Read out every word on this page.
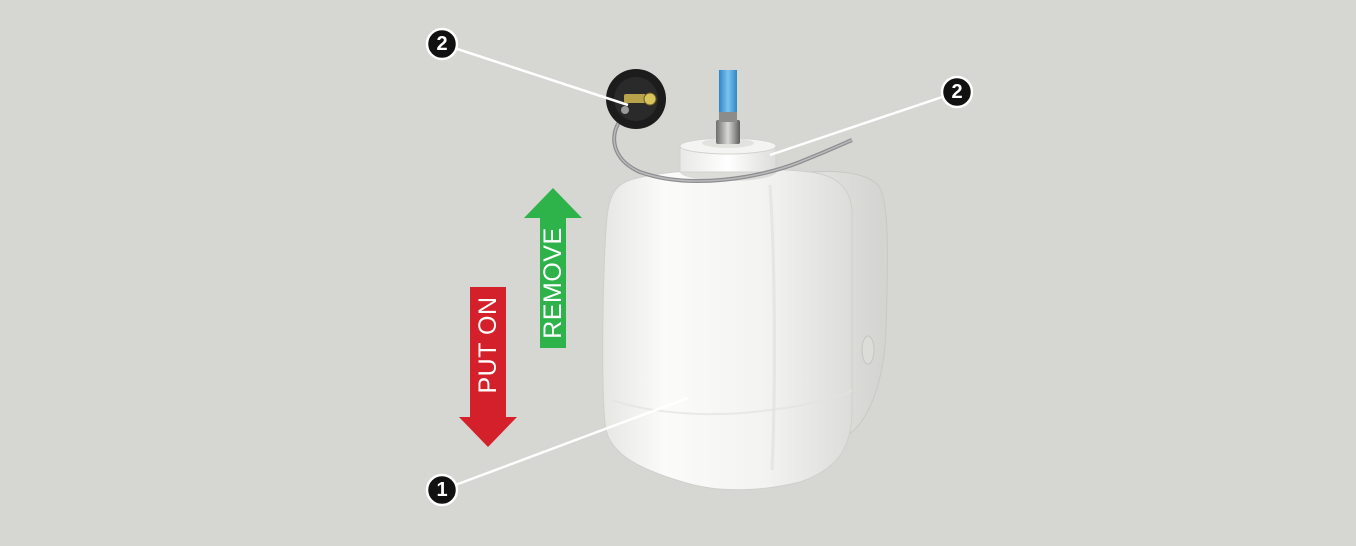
2
2
1
REMOVE
PUT ON
